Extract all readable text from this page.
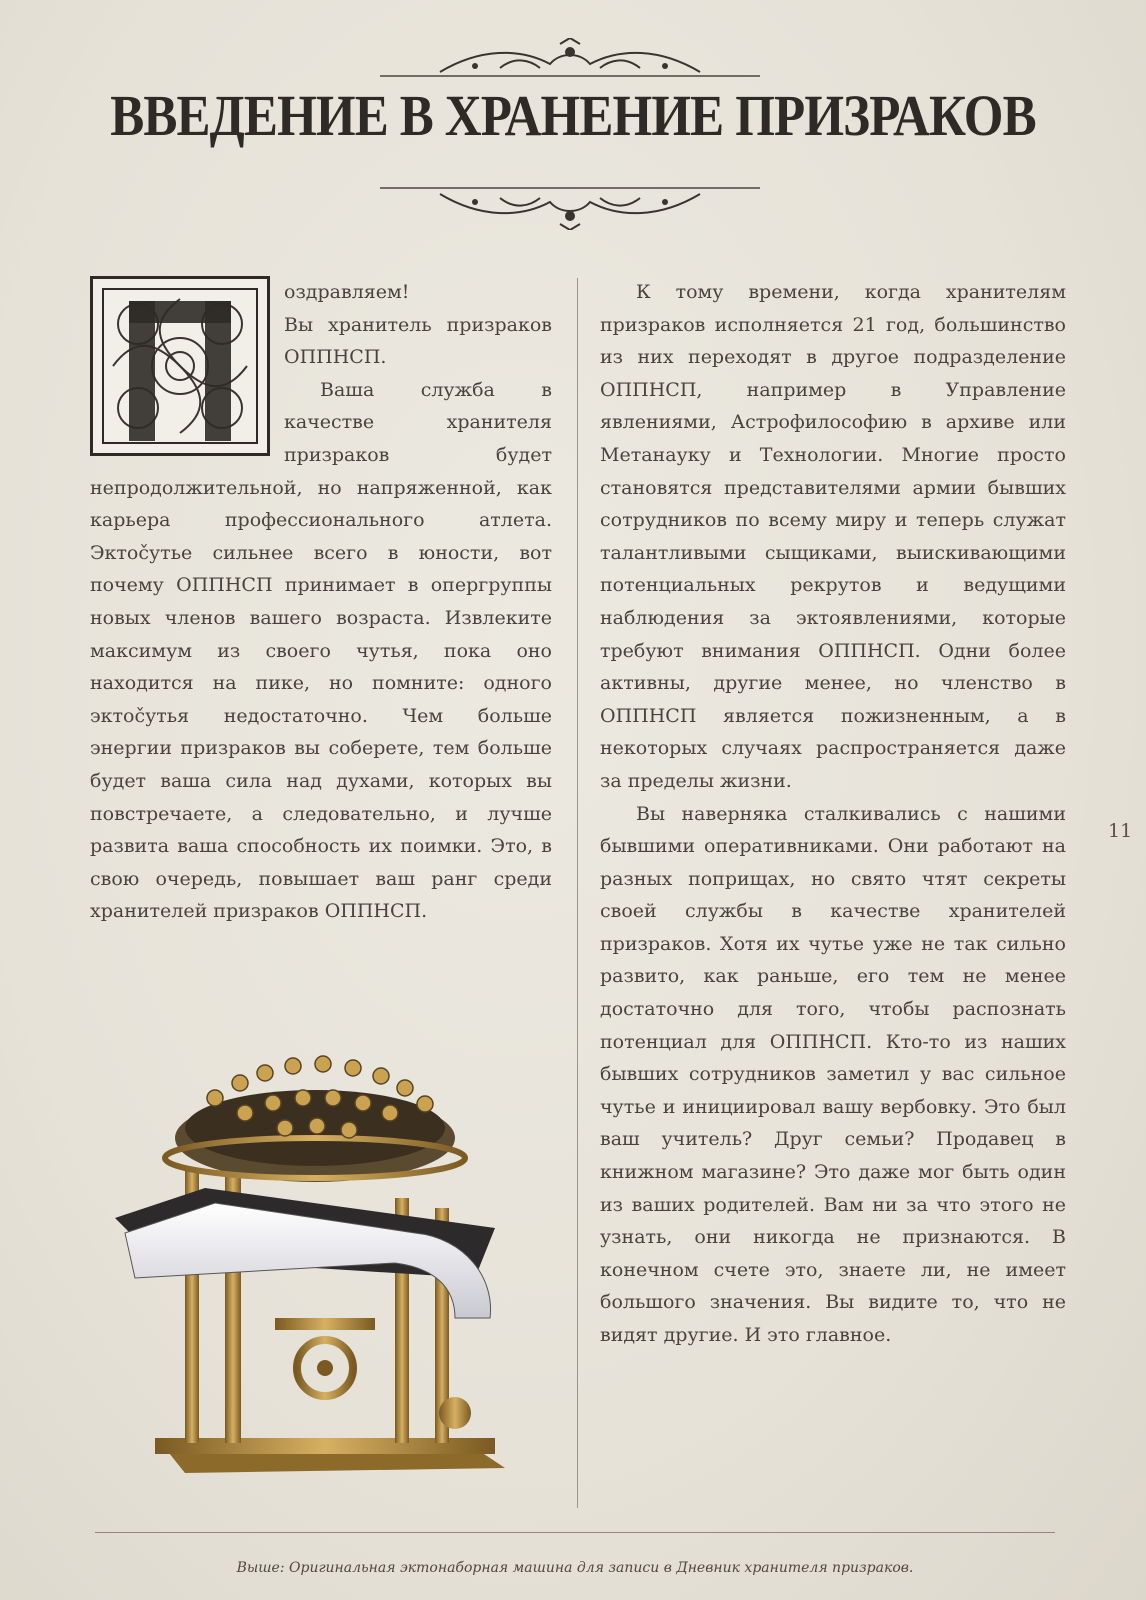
ВВЕДЕНИЕ В ХРАНЕНИЕ ПРИЗРАКОВ
П

оздравляем!
Вы хранитель призраков ОППНСП.

Ваша служба в качестве хранителя призраков будет непродолжительной, но напряженной, как карьера профессионального атлета. Эктočутье сильнее всего в юности, вот почему ОППНСП принимает в опергруппы новых членов вашего возраста. Извлеките максимум из своего чутья, пока оно находится на пике, но помните: одного эктočутья недостаточно. Чем больше энергии призраков вы соберете, тем больше будет ваша сила над духами, которых вы повстречаете, а следовательно, и лучше развита ваша способность их поимки. Это, в свою очередь, повышает ваш ранг среди хранителей призраков ОППНСП.

К тому времени, когда хранителям призраков исполняется 21 год, большинство из них переходят в другое подразделение ОППНСП, например в Управление явлениями, Астрофилософию в архиве или Метанауку и Технологии. Многие просто становятся представителями армии бывших сотрудников по всему миру и теперь служат талантливыми сыщиками, выискивающими потенциальных рекрутов и ведущими наблюдения за эктоявлениями, которые требуют внимания ОППНСП. Одни более активны, другие менее, но членство в ОППНСП является пожизненным, а в некоторых случаях распространяется даже за пределы жизни.

Вы наверняка сталкивались с нашими бывшими оперативниками. Они работают на разных поприщах, но свято чтят секреты своей службы в качестве хранителей призраков. Хотя их чутье уже не так сильно развито, как раньше, его тем не менее достаточно для того, чтобы распознать потенциал для ОППНСП. Кто-то из наших бывших сотрудников заметил у вас сильное чутье и инициировал вашу вербовку. Это был ваш учитель? Друг семьи? Продавец в книжном магазине? Это даже мог быть один из ваших родителей. Вам ни за что этого не узнать, они никогда не признаются. В конечном счете это, знаете ли, не имеет большого значения. Вы видите то, что не видят другие. И это главное.

Выше: Оригинальная эктонаборная машина для записи в Дневник хранителя призраков.
11
